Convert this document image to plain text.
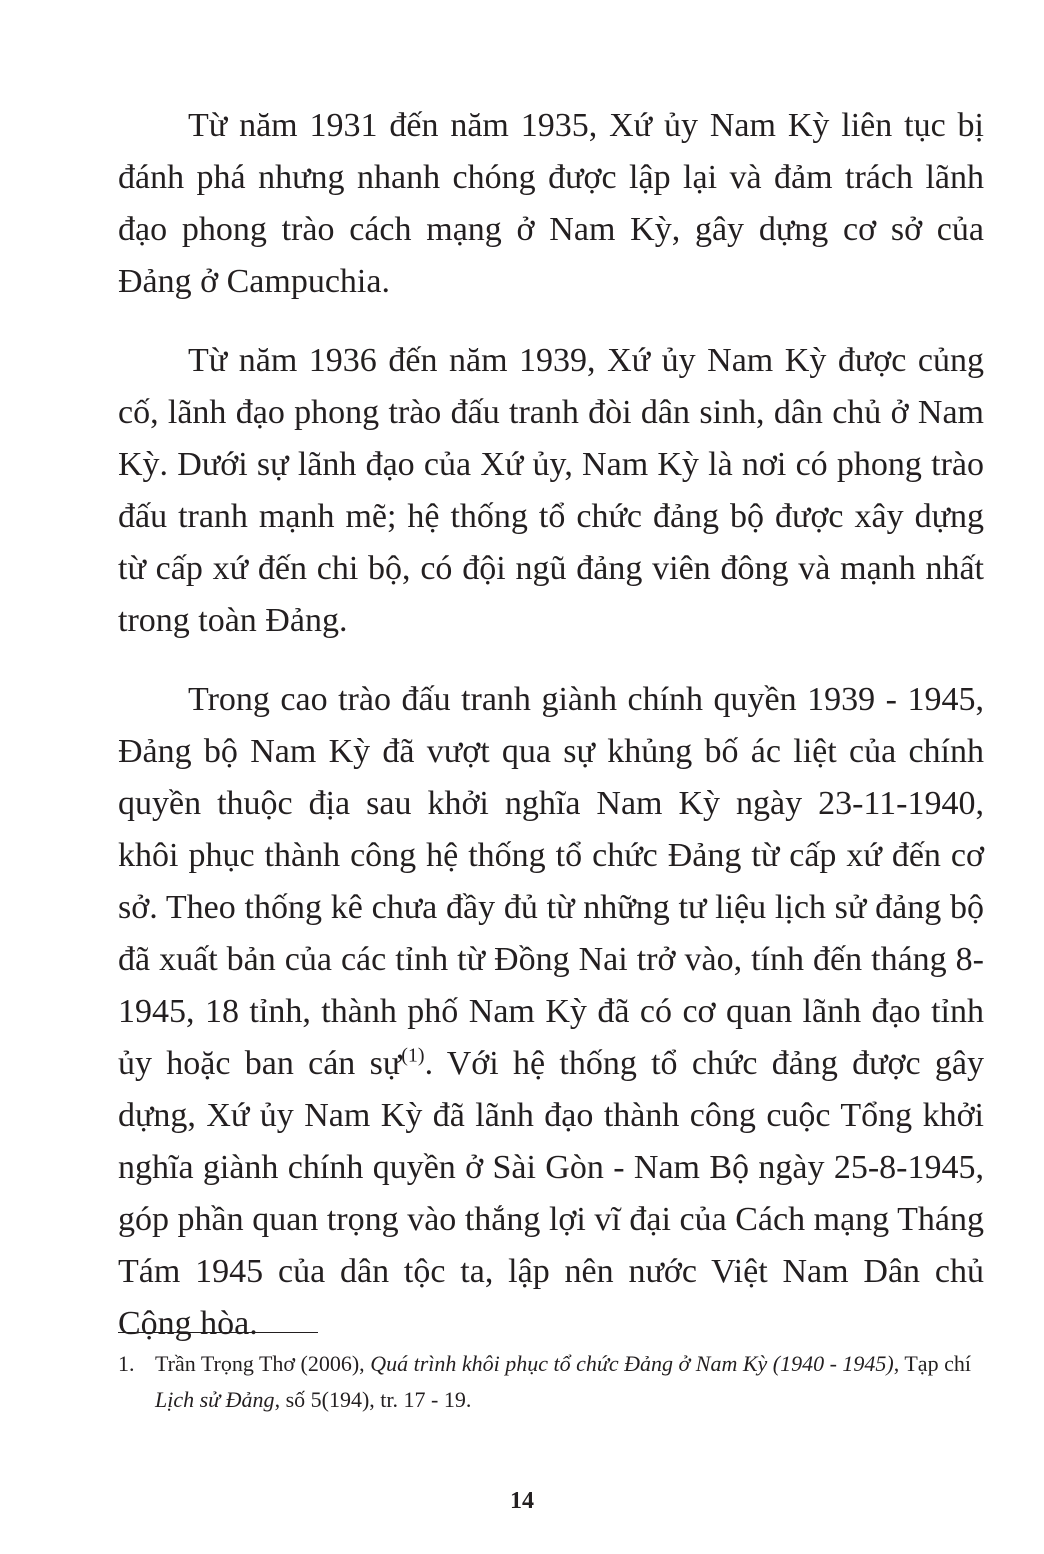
Từ năm 1931 đến năm 1935, Xứ ủy Nam Kỳ liên tục bị đánh phá nhưng nhanh chóng được lập lại và đảm trách lãnh đạo phong trào cách mạng ở Nam Kỳ, gây dựng cơ sở của Đảng ở Campuchia.

Từ năm 1936 đến năm 1939, Xứ ủy Nam Kỳ được củng cố, lãnh đạo phong trào đấu tranh đòi dân sinh, dân chủ ở Nam Kỳ. Dưới sự lãnh đạo của Xứ ủy, Nam Kỳ là nơi có phong trào đấu tranh mạnh mẽ; hệ thống tổ chức đảng bộ được xây dựng từ cấp xứ đến chi bộ, có đội ngũ đảng viên đông và mạnh nhất trong toàn Đảng.

Trong cao trào đấu tranh giành chính quyền 1939 - 1945, Đảng bộ Nam Kỳ đã vượt qua sự khủng bố ác liệt của chính quyền thuộc địa sau khởi nghĩa Nam Kỳ ngày 23-11-1940, khôi phục thành công hệ thống tổ chức Đảng từ cấp xứ đến cơ sở. Theo thống kê chưa đầy đủ từ những tư liệu lịch sử đảng bộ đã xuất bản của các tỉnh từ Đồng Nai trở vào, tính đến tháng 8-1945, 18 tỉnh, thành phố Nam Kỳ đã có cơ quan lãnh đạo tỉnh ủy hoặc ban cán sự$^{(1)}$. Với hệ thống tổ chức đảng được gây dựng, Xứ ủy Nam Kỳ đã lãnh đạo thành công cuộc Tổng khởi nghĩa giành chính quyền ở Sài Gòn - Nam Bộ ngày 25-8-1945, góp phần quan trọng vào thắng lợi vĩ đại của Cách mạng Tháng Tám 1945 của dân tộc ta, lập nên nước Việt Nam Dân chủ Cộng hòa.

1. Trần Trọng Thơ (2006), Quá trình khôi phục tổ chức Đảng ở Nam Kỳ (1940 - 1945), Tạp chí Lịch sử Đảng, số 5(194), tr. 17 - 19.
14
